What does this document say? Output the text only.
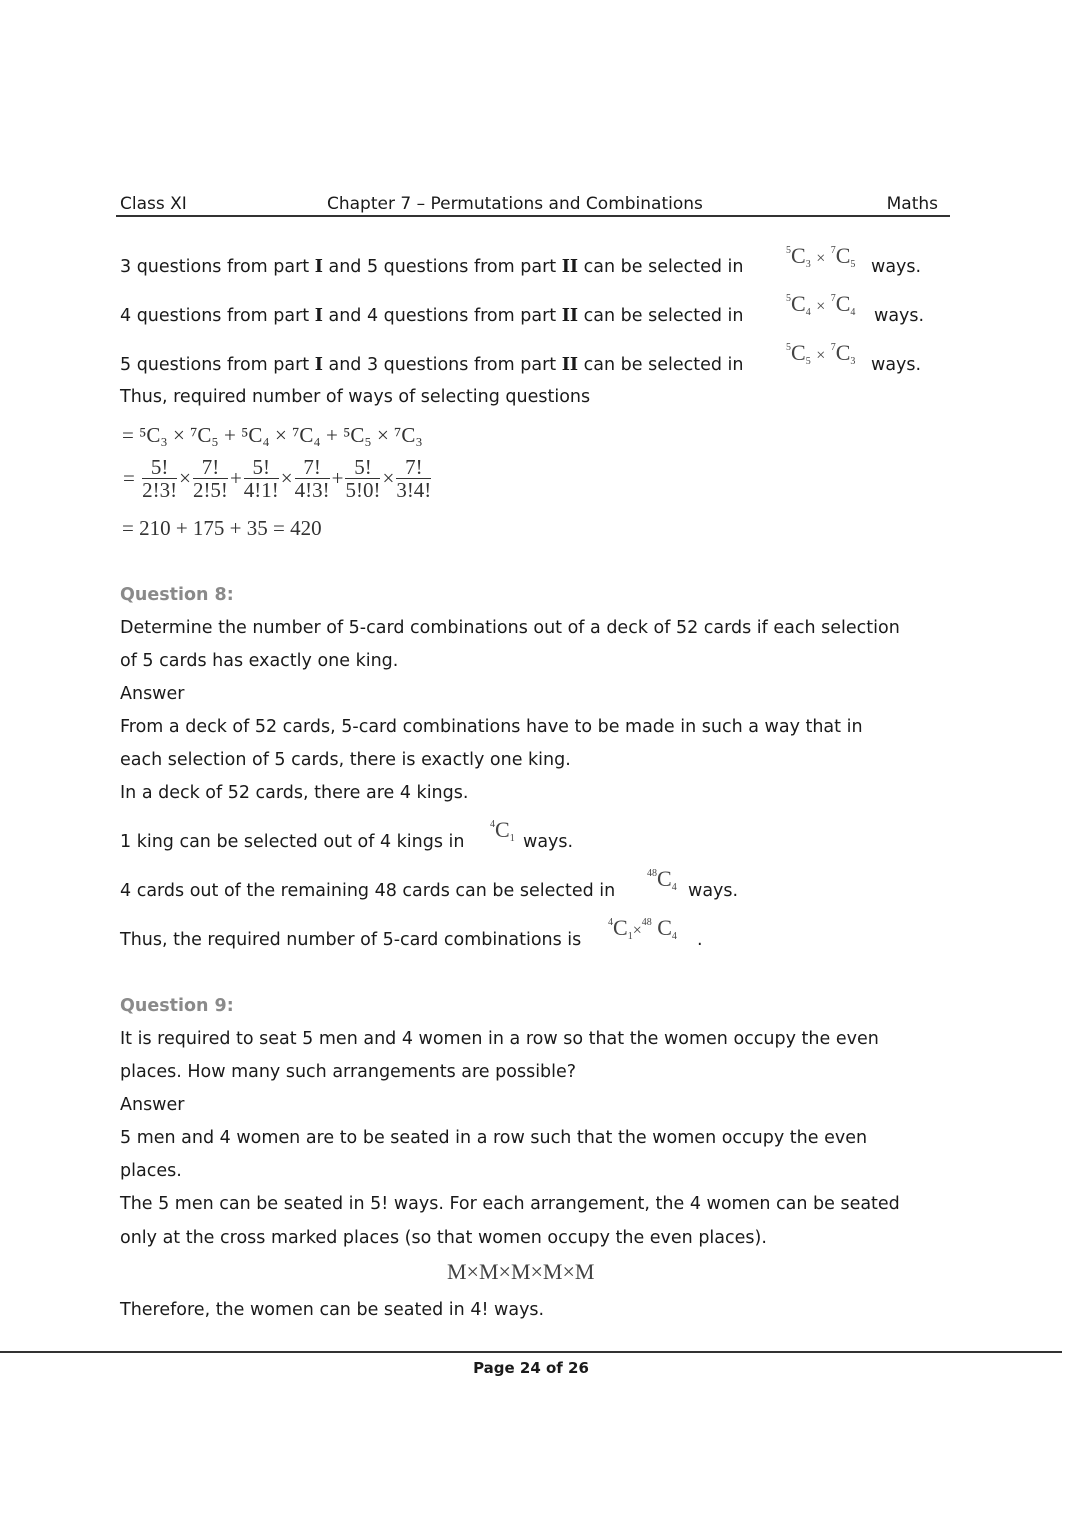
Class XI	Chapter 7 – Permutations and Combinations	Maths
3 questions from part I and 5 questions from part II can be selected in
$^5C_3 \times ^7C_5$ ways.
4 questions from part I and 4 questions from part II can be selected in
$^5C_4 \times ^7C_4$ ways.
5 questions from part I and 3 questions from part II can be selected in
$^5C_5 \times ^7C_3$ ways.
Thus, required number of ways of selecting questions
= ⁵C₃ × ⁷C₅ + ⁵C₄ × ⁷C₄ + ⁵C₅ × ⁷C₃
= $\frac{5!}{2!3!} \times \frac{7!}{2!5!} + \frac{5!}{4!1!} \times \frac{7!}{4!3!} + \frac{5!}{5!0!} \times \frac{7!}{3!4!}$
= 210 + 175 + 35 = 420
Question 8:
Determine the number of 5-card combinations out of a deck of 52 cards if each selection
of 5 cards has exactly one king.
Answer
From a deck of 52 cards, 5-card combinations have to be made in such a way that in
each selection of 5 cards, there is exactly one king.
In a deck of 52 cards, there are 4 kings.
1 king can be selected out of 4 kings in
$^4C_1$ ways.
4 cards out of the remaining 48 cards can be selected in
$^{48}C_4$ ways.
Thus, the required number of 5-card combinations is
$^4C_1\times^{48}$ $C_4$ .
Question 9:
It is required to seat 5 men and 4 women in a row so that the women occupy the even
places. How many such arrangements are possible?
Answer
5 men and 4 women are to be seated in a row such that the women occupy the even
places.
The 5 men can be seated in 5! ways. For each arrangement, the 4 women can be seated
only at the cross marked places (so that women occupy the even places).
M×M×M×M×M
Therefore, the women can be seated in 4! ways.
Page 24 of 26
